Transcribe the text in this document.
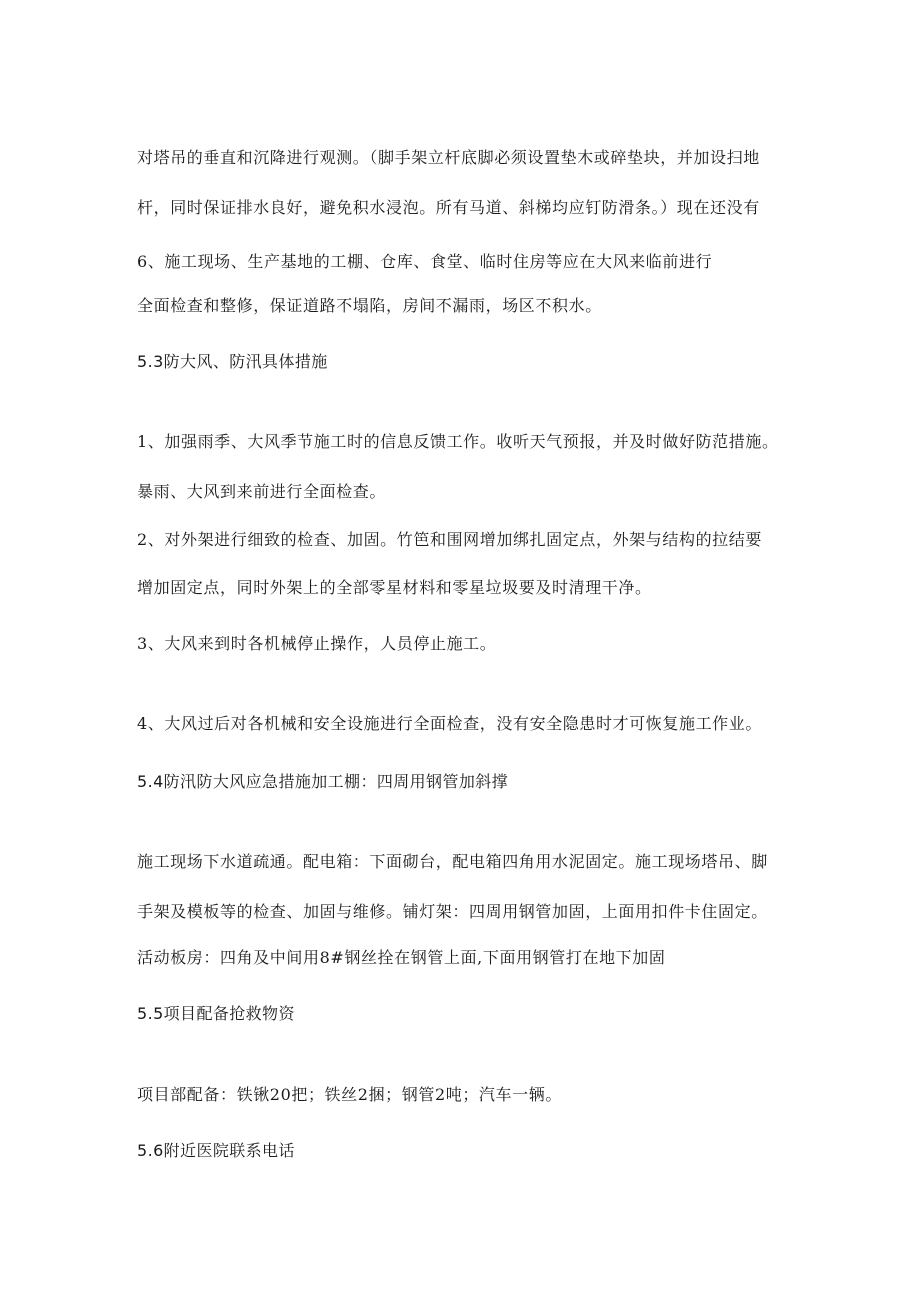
对塔吊的垂直和沉降进行观测。（脚手架立杆底脚必须设置垫木或碎垫块，并加设扫地
杆，同时保证排水良好，避免积水浸泡。所有马道、斜梯均应钉防滑条。）现在还没有
6、施工现场、生产基地的工棚、仓库、食堂、临时住房等应在大风来临前进行
全面检查和整修，保证道路不塌陷，房间不漏雨，场区不积水。
5.3防大风、防汛具体措施
1、加强雨季、大风季节施工时的信息反馈工作。收听天气预报，并及时做好防范措施。
暴雨、大风到来前进行全面检查。
2、对外架进行细致的检查、加固。竹笆和围网增加绑扎固定点，外架与结构的拉结要
增加固定点，同时外架上的全部零星材料和零星垃圾要及时清理干净。
3、大风来到时各机械停止操作，人员停止施工。
4、大风过后对各机械和安全设施进行全面检查，没有安全隐患时才可恢复施工作业。
5.4防汛防大风应急措施加工棚：四周用钢管加斜撑
施工现场下水道疏通。配电箱：下面砌台，配电箱四角用水泥固定。施工现场塔吊、脚
手架及模板等的检查、加固与维修。铺灯架：四周用钢管加固，上面用扣件卡住固定。
活动板房：四角及中间用8#钢丝拴在钢管上面,下面用钢管打在地下加固
5.5项目配备抢救物资
项目部配备：铁锹20把；铁丝2捆；钢管2吨；汽车一辆。
5.6附近医院联系电话
